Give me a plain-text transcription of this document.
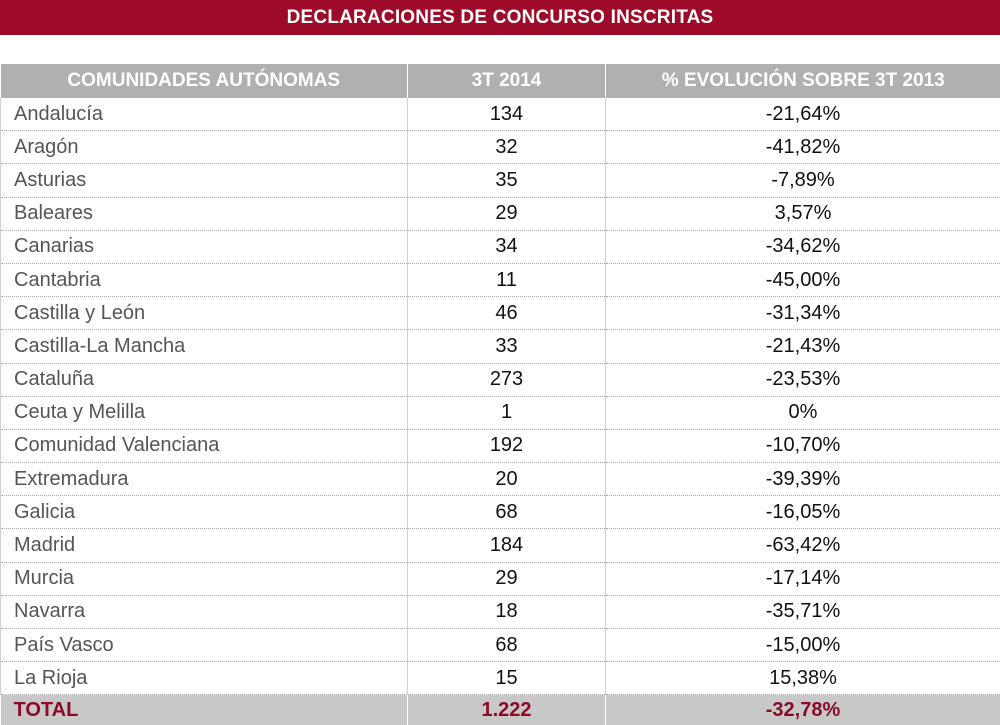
DECLARACIONES DE CONCURSO INSCRITAS
COMUNIDADES AUTÓNOMAS	3T 2014	% EVOLUCIÓN SOBRE 3T 2013
Andalucía	134	-21,64%
Aragón	32	-41,82%
Asturias	35	-7,89%
Baleares	29	3,57%
Canarias	34	-34,62%
Cantabria	11	-45,00%
Castilla y León	46	-31,34%
Castilla-La Mancha	33	-21,43%
Cataluña	273	-23,53%
Ceuta y Melilla	1	0%
Comunidad Valenciana	192	-10,70%
Extremadura	20	-39,39%
Galicia	68	-16,05%
Madrid	184	-63,42%
Murcia	29	-17,14%
Navarra	18	-35,71%
País Vasco	68	-15,00%
La Rioja	15	15,38%
TOTAL	1.222	-32,78%
